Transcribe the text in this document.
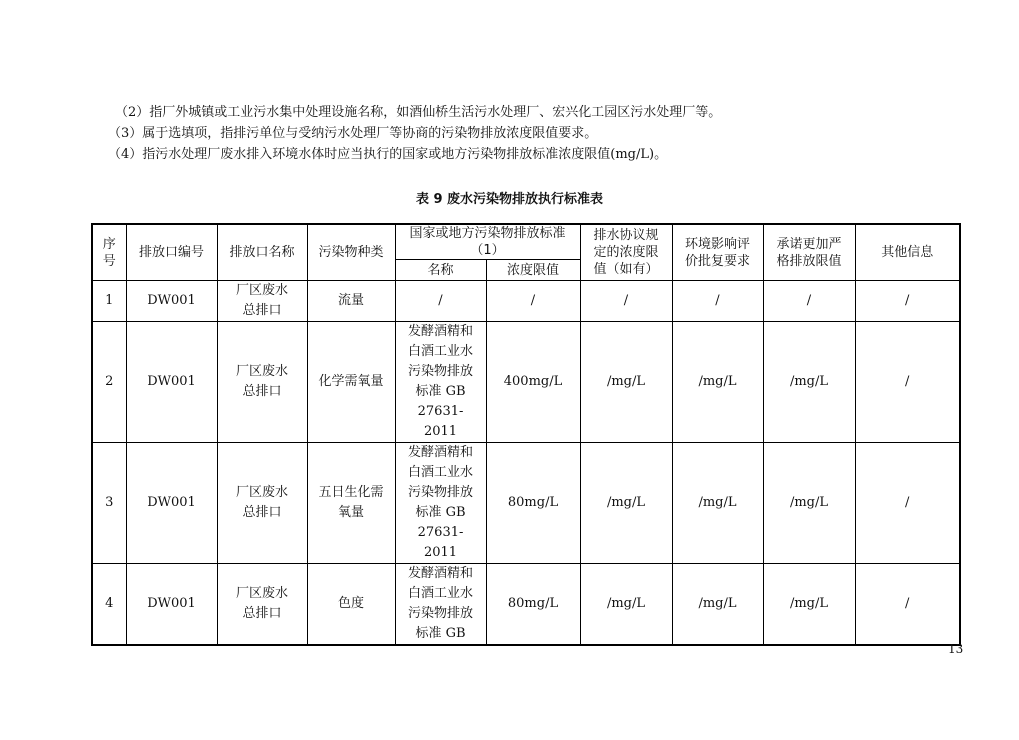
（2）指厂外城镇或工业污水集中处理设施名称，如酒仙桥生活污水处理厂、宏兴化工园区污水处理厂等。

（3）属于选填项，指排污单位与受纳污水处理厂等协商的污染物排放浓度限值要求。

（4）指污水处理厂废水排入环境水体时应当执行的国家或地方污染物排放标准浓度限值(mg/L)。

表 9 废水污染物排放执行标准表
序号	排放口编号	排放口名称	污染物种类	国家或地方污染物排放标准（1）		排水协议规定的浓度限值（如有）	环境影响评价批复要求	承诺更加严格排放限值	其他信息
				名称	浓度限值				
1	DW001	厂区废水总排口	流量	/	/	/	/	/	/
2	DW001	厂区废水总排口	化学需氧量	发酵酒精和白酒工业水污染物排放标准 GB 27631-2011	400mg/L	/mg/L	/mg/L	/mg/L	/
3	DW001	厂区废水总排口	五日生化需氧量	发酵酒精和白酒工业水污染物排放标准 GB 27631-2011	80mg/L	/mg/L	/mg/L	/mg/L	/
4	DW001	厂区废水总排口	色度	发酵酒精和白酒工业水污染物排放标准 GB	80mg/L	/mg/L	/mg/L	/mg/L	/
13
